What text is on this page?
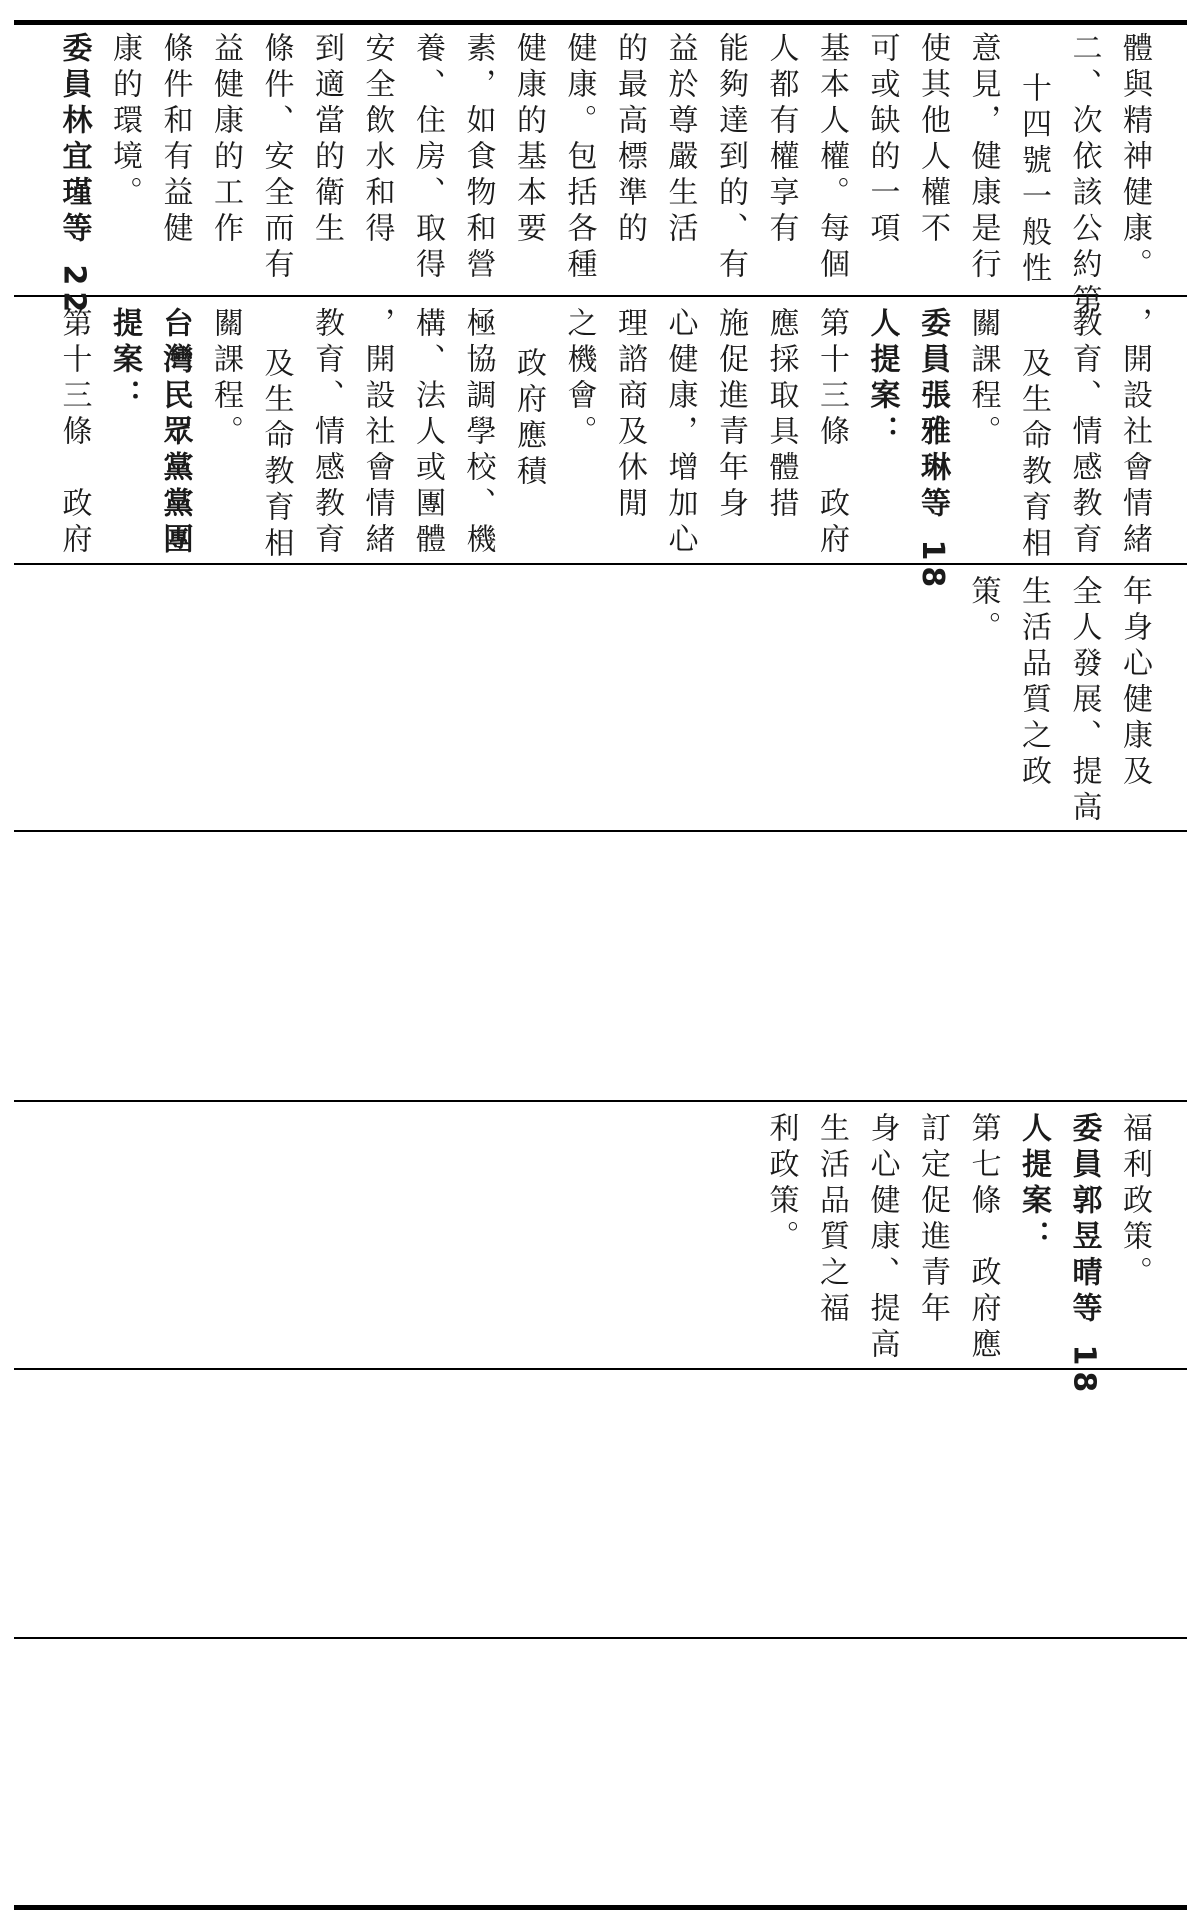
體與精神健康。
二、次依該公約第
十四號一般性
意見，健康是行
使其他人權不
可或缺的一項
基本人權。每個
人都有權享有
能夠達到的、有
益於尊嚴生活
的最高標準的
健康。包括各種
健康的基本要
素，如食物和營
養、住房、取得
安全飲水和得
到適當的衛生
條件、安全而有
益健康的工作
條件和有益健
康的環境。
委員林宜瑾等 22
，開設社會情緒
教育、情感教育
及生命教育相
關課程。
委員張雅琳等 18
人提案：
第十三條　政府
應採取具體措
施促進青年身
心健康，增加心
理諮商及休閒
之機會。
政府應積
極協調學校、機
構、法人或團體
，開設社會情緒
教育、情感教育
及生命教育相
關課程。
台灣民眾黨黨團
提案：
第十三條　政府
年身心健康及
全人發展、提高
生活品質之政
策。
福利政策。
委員郭昱晴等 18
人提案：
第七條　政府應
訂定促進青年
身心健康、提高
生活品質之福
利政策。
